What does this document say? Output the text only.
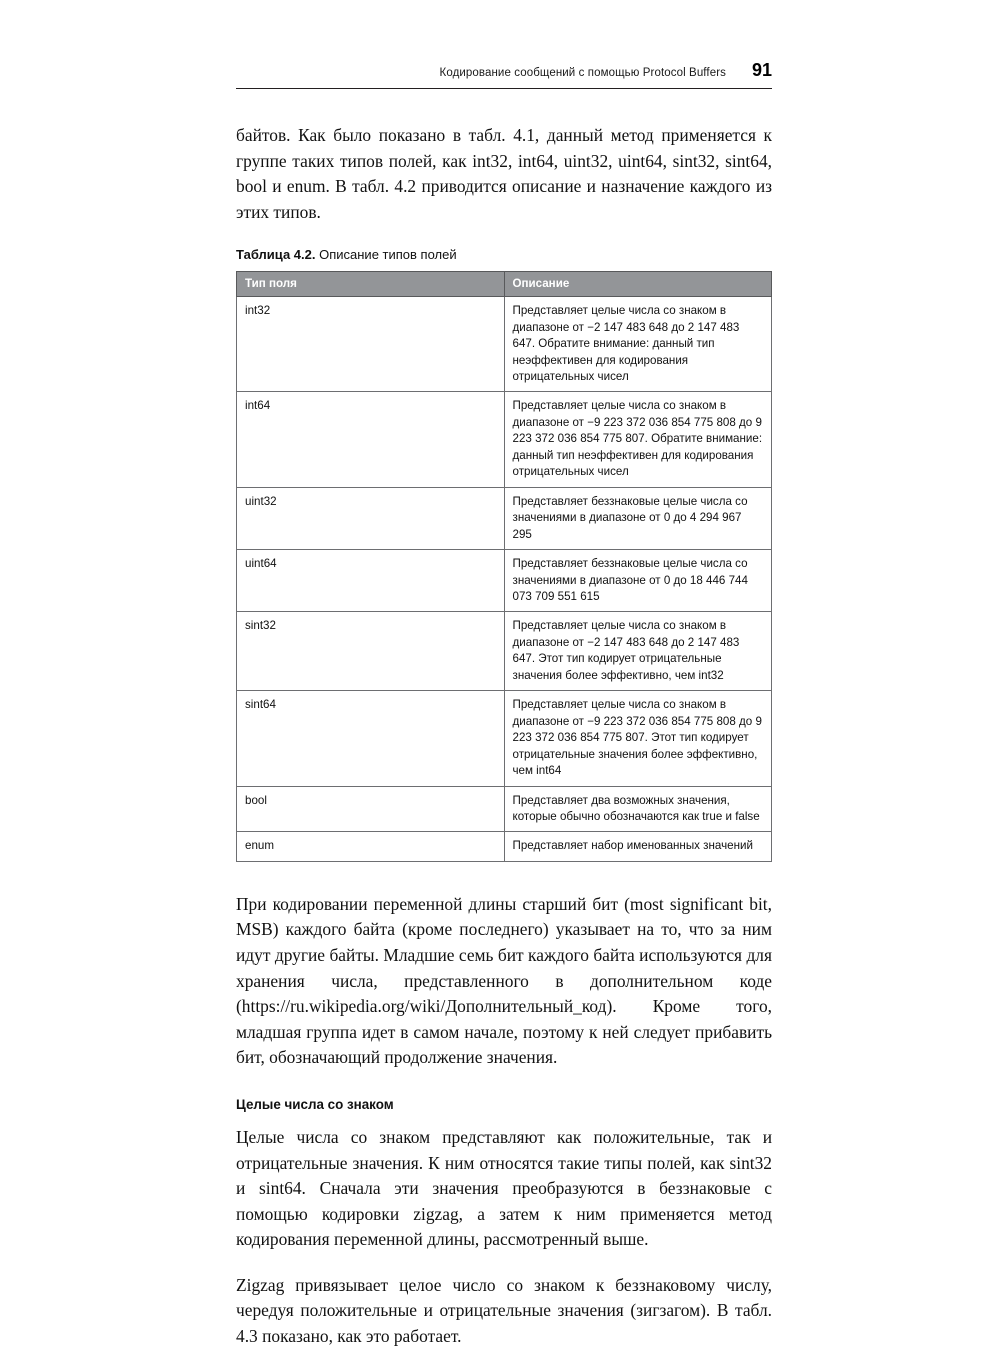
Кодирование сообщений с помощью Protocol Buffers 91

байтов. Как было показано в табл. 4.1, данный метод применяется к группе таких типов полей, как int32, int64, uint32, uint64, sint32, sint64, bool и enum. В табл. 4.2 приводится описание и назначение каждого из этих типов.

Таблица 4.2. Описание типов полей
Тип поля	Описание
int32	Представляет целые числа со знаком в диапазоне от −2 147 483 648 до 2 147 483 647. Обратите внимание: данный тип неэффективен для кодирования отрицательных чисел
int64	Представляет целые числа со знаком в диапазоне от −9 223 372 036 854 775 808 до 9 223 372 036 854 775 807. Обратите внимание: данный тип неэффективен для кодирования отрицательных чисел
uint32	Представляет беззнаковые целые числа со значениями в диапазоне от 0 до 4 294 967 295
uint64	Представляет беззнаковые целые числа со значениями в диапазоне от 0 до 18 446 744 073 709 551 615
sint32	Представляет целые числа со знаком в диапазоне от −2 147 483 648 до 2 147 483 647. Этот тип кодирует отрицательные значения более эффективно, чем int32
sint64	Представляет целые числа со знаком в диапазоне от −9 223 372 036 854 775 808 до 9 223 372 036 854 775 807. Этот тип кодирует отрицательные значения более эффективно, чем int64
bool	Представляет два возможных значения, которые обычно обозначаются как true и false
enum	Представляет набор именованных значений

При кодировании переменной длины старший бит (most significant bit, MSB) каждого байта (кроме последнего) указывает на то, что за ним идут другие байты. Младшие семь бит каждого байта используются для хранения числа, представленного в дополнительном коде (https://ru.wikipedia.org/wiki/Дополнительный_код). Кроме того, младшая группа идет в самом начале, поэтому к ней следует прибавить бит, обозначающий продолжение значения.

Целые числа со знаком

Целые числа со знаком представляют как положительные, так и отрицательные значения. К ним относятся такие типы полей, как sint32 и sint64. Сначала эти значения преобразуются в беззнаковые с помощью кодировки zigzag, а затем к ним применяется метод кодирования переменной длины, рассмотренный выше.

Zigzag привязывает целое число со знаком к беззнаковому числу, чередуя положительные и отрицательные значения (зигзагом). В табл. 4.3 показано, как это работает.
